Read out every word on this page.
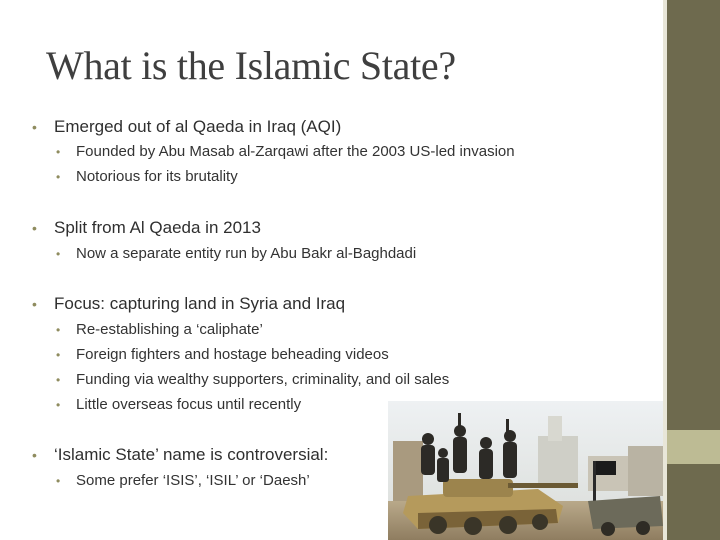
What is the Islamic State?
• Emerged out of al Qaeda in Iraq (AQI)
• Founded by Abu Masab al-Zarqawi after the 2003 US-led invasion
• Notorious for its brutality
• Split from Al Qaeda in 2013
• Now a separate entity run by Abu Bakr al-Baghdadi
• Focus: capturing land in Syria and Iraq
• Re-establishing a ‘caliphate’
• Foreign fighters and hostage beheading videos
• Funding via wealthy supporters, criminality, and oil sales
• Little overseas focus until recently
• ‘Islamic State’ name is controversial:
• Some prefer ‘ISIS’, ‘ISIL’ or ‘Daesh’
